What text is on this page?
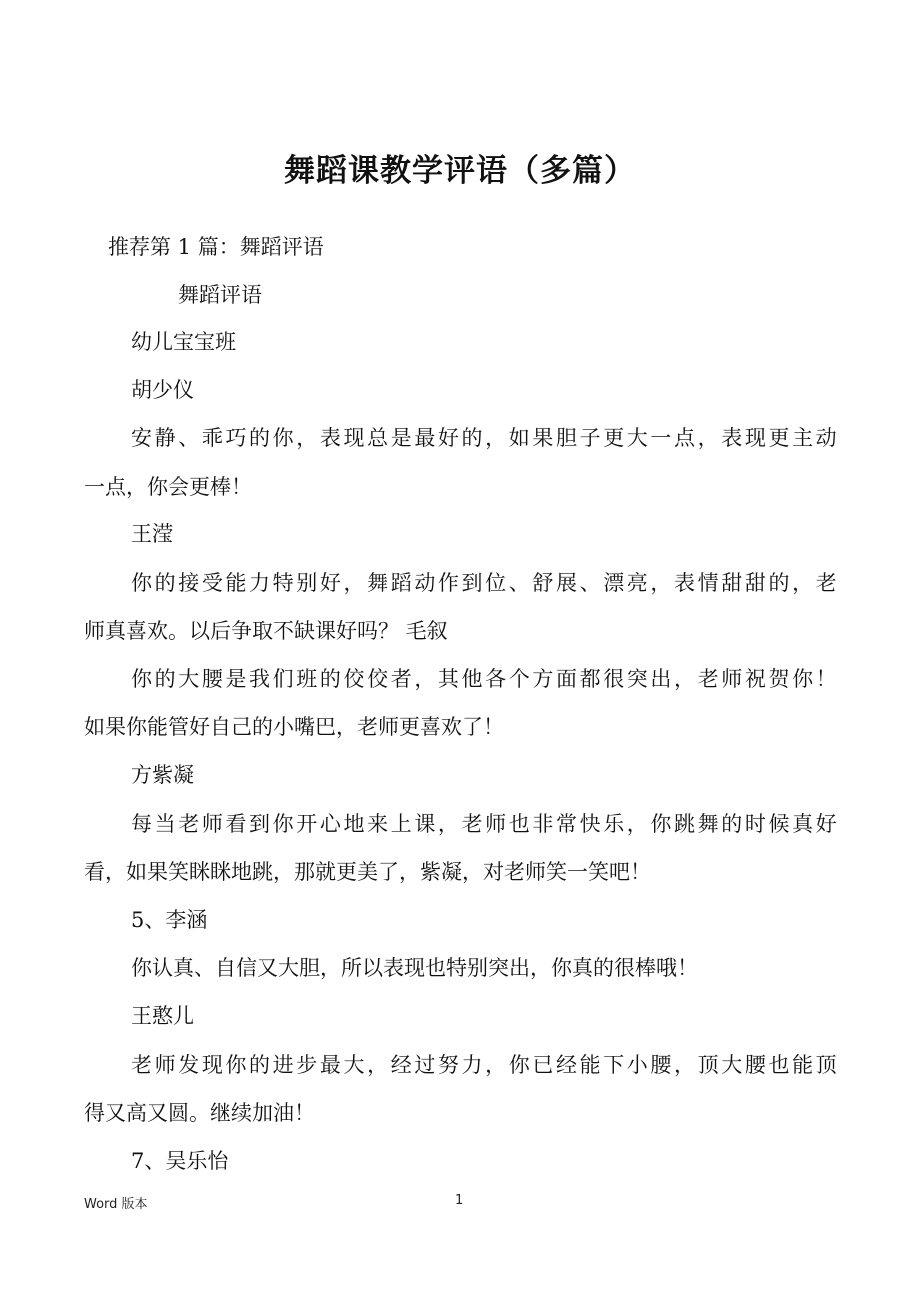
舞蹈课教学评语（多篇）

推荐第 1 篇：舞蹈评语

舞蹈评语

幼儿宝宝班

胡少仪

安 静 、 乖 巧 的 你 ， 表 现 总 是 最 好 的 ， 如 果 胆 子 更 大 一 点 ， 表 现 更 主 动

一点，你会更棒！

王滢

你 的 接 受 能 力 特 别 好 ， 舞 蹈 动 作 到 位 、 舒 展 、 漂 亮 ， 表 情 甜 甜 的 ， 老

师真喜欢。以后争取不缺课好吗？ 毛叙

你 的 大 腰 是 我 们 班 的 佼 佼 者 ， 其 他 各 个 方 面 都 很 突 出 ， 老 师 祝 贺 你 ！

如果你能管好自己的小嘴巴，老师更喜欢了！

方紫凝

每 当 老 师 看 到 你 开 心 地 来 上 课 ， 老 师 也 非 常 快 乐 ， 你 跳 舞 的 时 候 真 好

看，如果笑眯眯地跳，那就更美了，紫凝，对老师笑一笑吧！

5、李涵

你认真、自信又大胆，所以表现也特别突出，你真的很棒哦！

王憨儿

老 师 发 现 你 的 进 步 最 大 ， 经 过 努 力 ， 你 已 经 能 下 小 腰 ， 顶 大 腰 也 能 顶

得又高又圆。继续加油！

7、吴乐怡

Word 版本	1
